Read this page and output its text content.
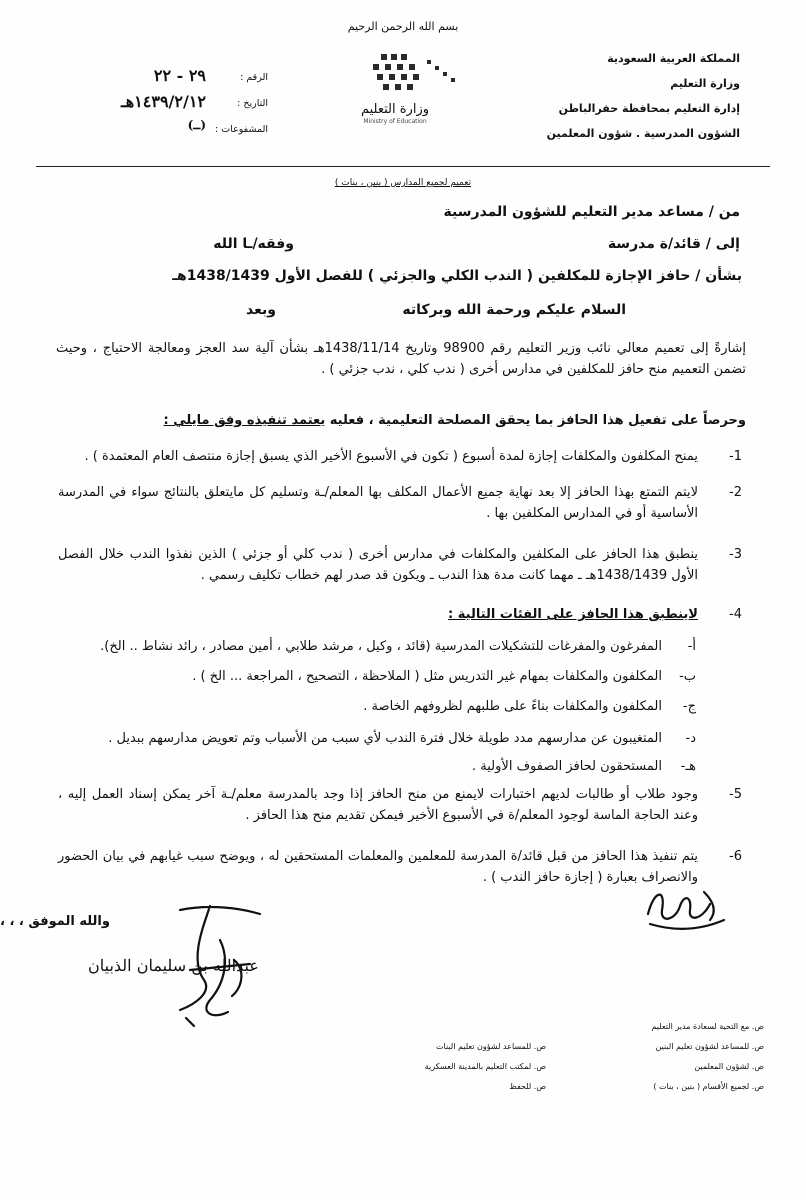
بسم الله الرحمن الرحيم
المملكة العربية السعودية
وزارة التعليم
إدارة التعليم بمحافظة حفرالباطن
الشؤون المدرسية . شؤون المعلمين
وزارة التعليم
Ministry of Education
الرقم :
٢٩ - ٢٢
التاريخ :
١٤٣٩/٢/١٢هـ
المشفوعات :
(ــ)
تعميم لجميع المدارس ( بنين ، بنات )
من / مساعد مدير التعليم للشؤون المدرسية
إلى / قائد/ة مدرسة
وفقه/ـا الله
بشأن / حافز الإجازة للمكلفين ( الندب الكلي والجزئي ) للفصل الأول 1438/1439هـ
السلام عليكم ورحمة الله وبركاته
وبعد
إشارةً إلى تعميم معالي نائب وزير التعليم رقم 98900 وتاريخ 1438/11/14هـ بشأن آلية سد العجز ومعالجة الاحتياج ، وحيث تضمن التعميم منح حافز للمكلفين في مدارس أخرى ( ندب كلي ، ندب جزئي ) .
وحرصاً على تفعيل هذا الحافز بما يحقق المصلحة التعليمية ، فعليه يعتمد تنفيذه وفق مايلي :
-1
يمنح المكلفون والمكلفات إجازة لمدة أسبوع ( تكون في الأسبوع الأخير الذي يسبق إجازة منتصف العام المعتمدة ) .
-2
لايتم التمتع بهذا الحافز إلا بعد نهاية جميع الأعمال المكلف بها المعلم/ـة وتسليم كل مايتعلق بالنتائج سواء في المدرسة الأساسية أو في المدارس المكلفين بها .
-3
ينطبق هذا الحافز على المكلفين والمكلفات في مدارس أخرى ( ندب كلي أو جزئي ) الذين نفذوا الندب خلال الفصل الأول 1438/1439هـ ـ مهما كانت مدة هذا الندب ـ ويكون قد صدر لهم خطاب تكليف رسمي .
-4
لاينطبق هذا الحافز على الفئات التالية :
أ-
المفرغون والمفرغات للتشكيلات المدرسية (قائد ، وكيل ، مرشد طلابي ، أمين مصادر ، رائد نشاط .. الخ).
ب-
المكلفون والمكلفات بمهام غير التدريس مثل ( الملاحظة ، التصحيح ، المراجعة ... الخ ) .
ج-
المكلفون والمكلفات بناءً على طلبهم لظروفهم الخاصة .
د-
المتغيبون عن مدارسهم مدد طويلة خلال فترة الندب لأي سبب من الأسباب وتم تعويض مدارسهم ببديل .
هـ-
المستحقون لحافز الصفوف الأولية .
-5
وجود طلاب أو طالبات لديهم اختبارات لايمنع من منح الحافز إذا وجد بالمدرسة معلم/ـة آخر يمكن إسناد العمل إليه ، وعند الحاجة الماسة لوجود المعلم/ة في الأسبوع الأخير فيمكن تقديم منح هذا الحافز .
-6
يتم تنفيذ هذا الحافز من قبل قائد/ة المدرسة للمعلمين والمعلمات المستحقين له ، ويوضح سبب غيابهم في بيان الحضور والانصراف بعبارة ( إجازة حافز الندب ) .
والله الموفق ، ، ،
عبدالله بن سليمان الذبيان
ص. مع التحية لسعادة مدير التعليم
ص. للمساعد لشؤون تعليم البنين
ص. لشؤون المعلمين
ص. لجميع الأقسام ( بنين ، بنات )
ص. للمساعد لشؤون تعليم البنات
ص. لمكتب التعليم بالمدينة العسكرية
ص. للحفظ
